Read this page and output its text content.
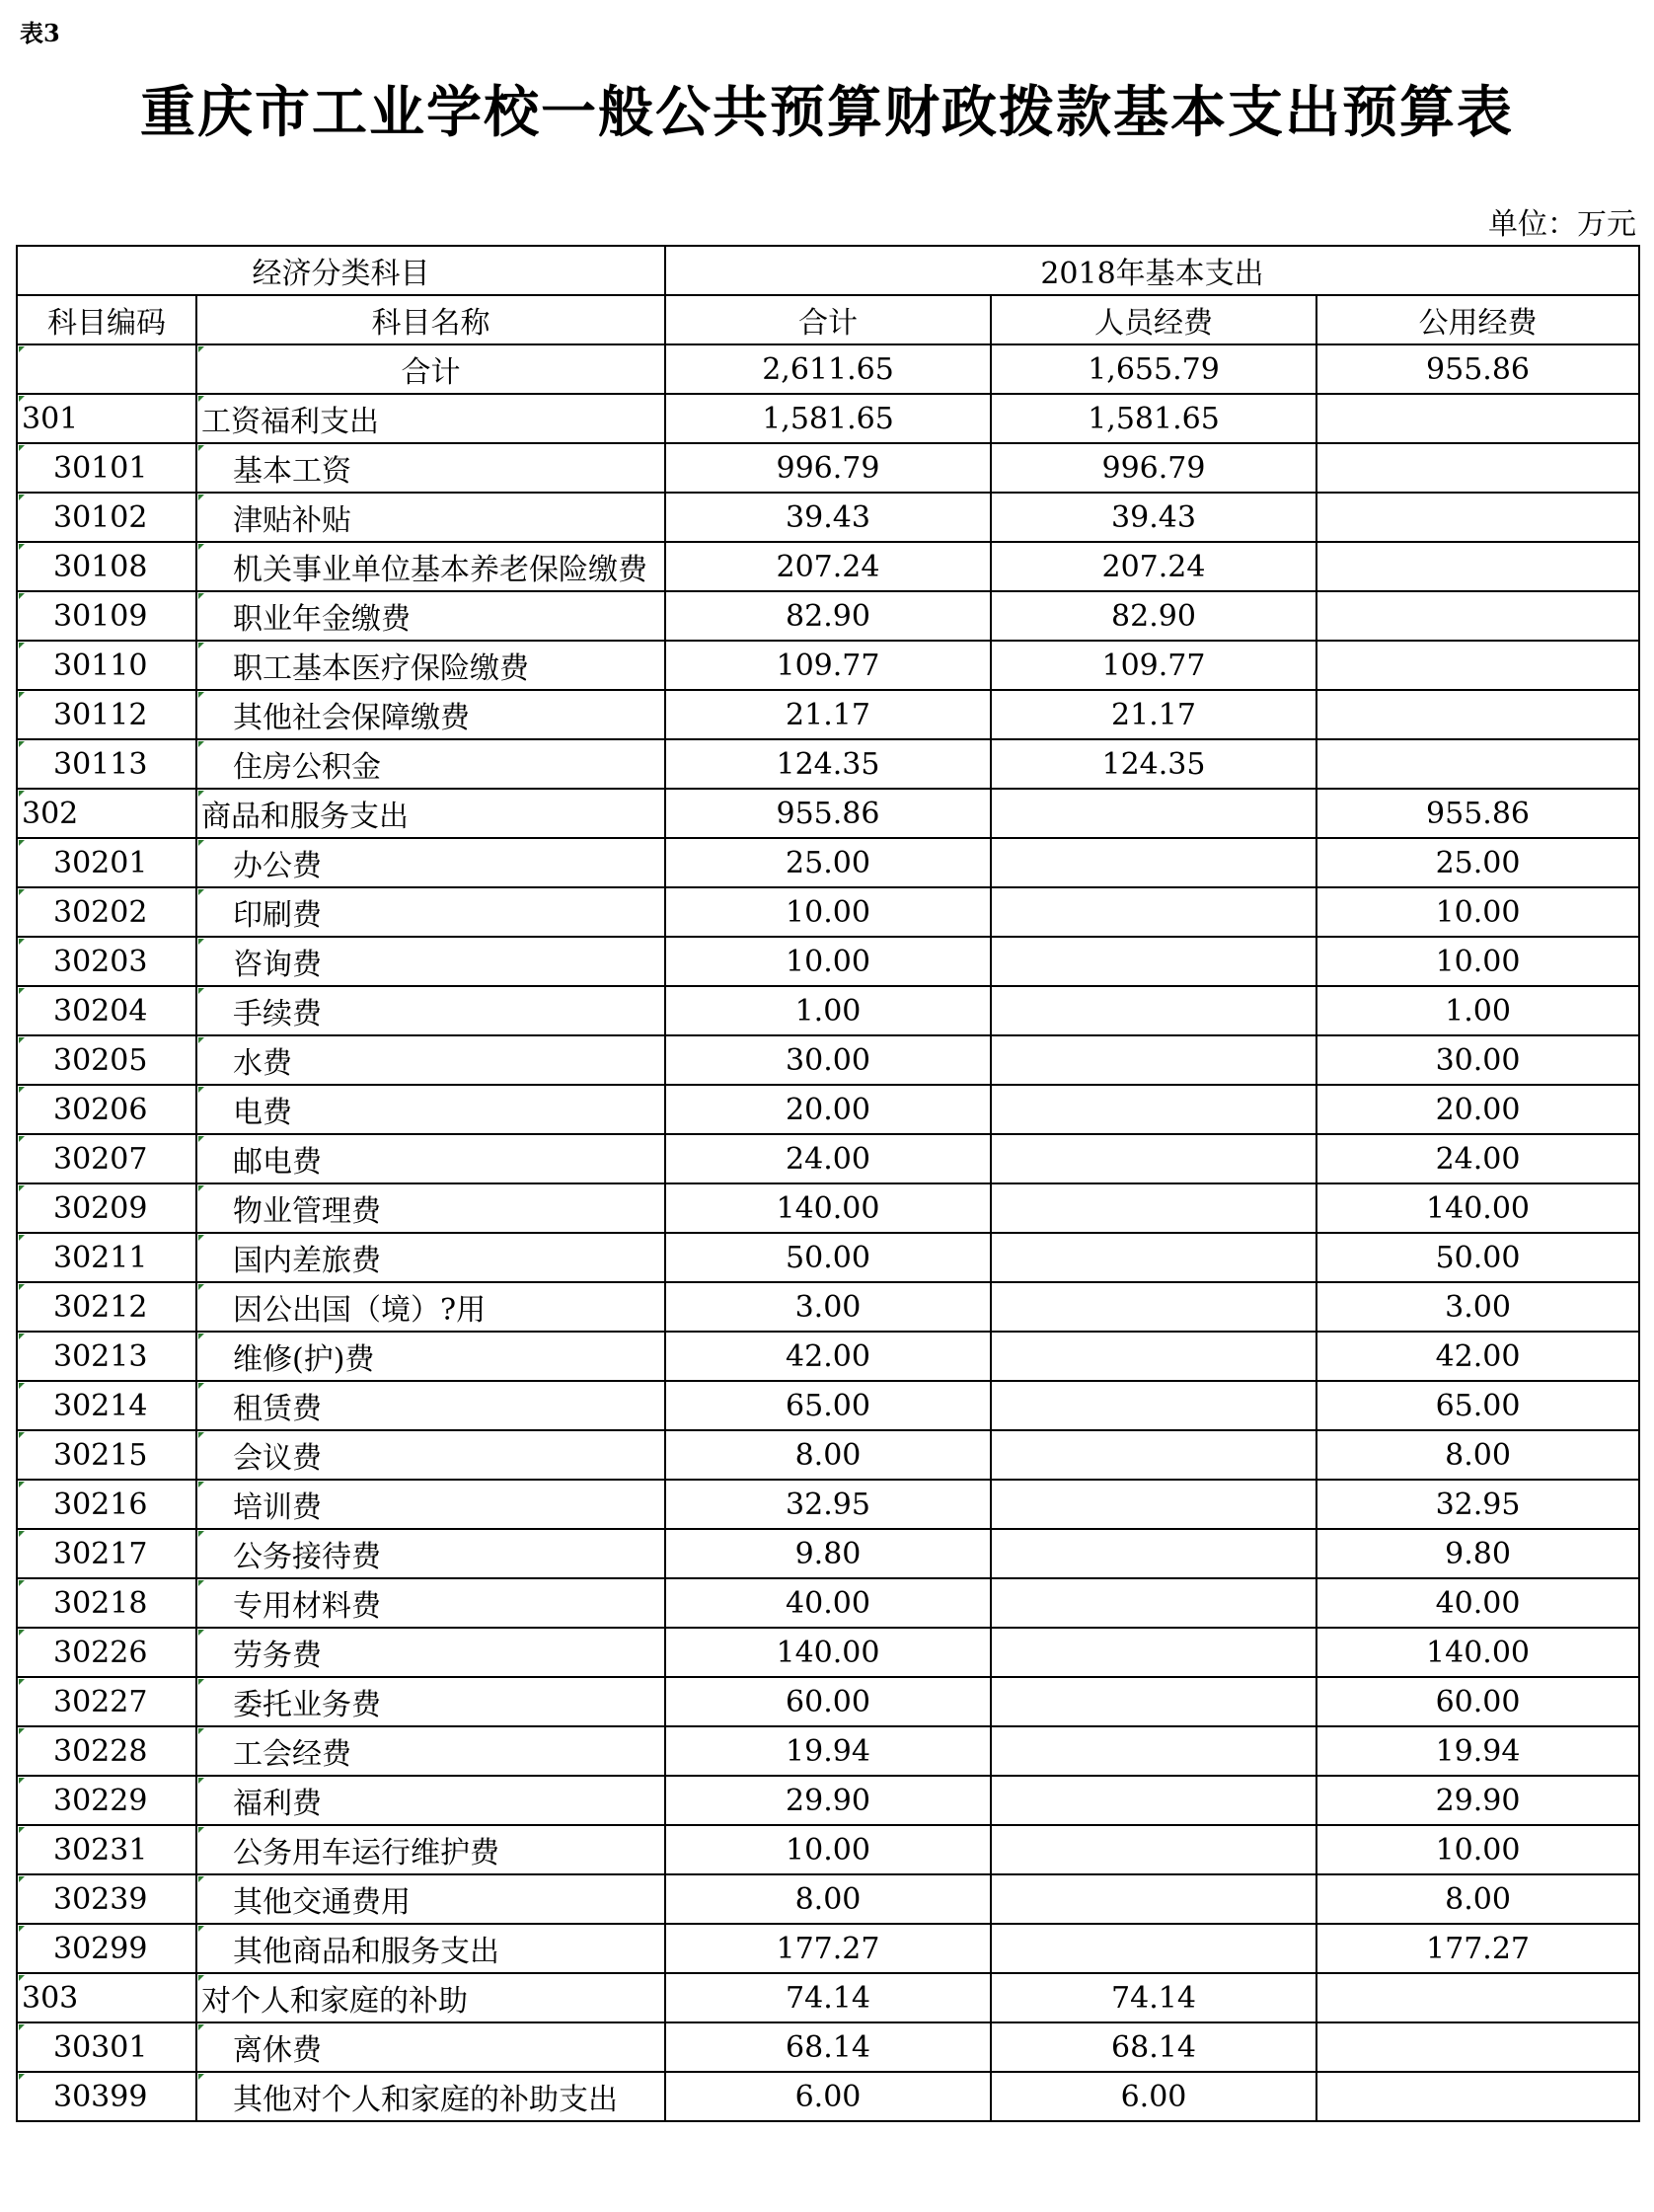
表3
重庆市工业学校一般公共预算财政拨款基本支出预算表
单位：万元
经济分类科目		2018年基本支出		
科目编码	科目名称	合计	人员经费	公用经费
	合计	2,611.65	1,655.79	955.86
301	工资福利支出	1,581.65	1,581.65	
30101	基本工资	996.79	996.79	
30102	津贴补贴	39.43	39.43	
30108	机关事业单位基本养老保险缴费	207.24	207.24	
30109	职业年金缴费	82.90	82.90	
30110	职工基本医疗保险缴费	109.77	109.77	
30112	其他社会保障缴费	21.17	21.17	
30113	住房公积金	124.35	124.35	
302	商品和服务支出	955.86		955.86
30201	办公费	25.00		25.00
30202	印刷费	10.00		10.00
30203	咨询费	10.00		10.00
30204	手续费	1.00		1.00
30205	水费	30.00		30.00
30206	电费	20.00		20.00
30207	邮电费	24.00		24.00
30209	物业管理费	140.00		140.00
30211	国内差旅费	50.00		50.00
30212	因公出国（境）?用	3.00		3.00
30213	维修(护)费	42.00		42.00
30214	租赁费	65.00		65.00
30215	会议费	8.00		8.00
30216	培训费	32.95		32.95
30217	公务接待费	9.80		9.80
30218	专用材料费	40.00		40.00
30226	劳务费	140.00		140.00
30227	委托业务费	60.00		60.00
30228	工会经费	19.94		19.94
30229	福利费	29.90		29.90
30231	公务用车运行维护费	10.00		10.00
30239	其他交通费用	8.00		8.00
30299	其他商品和服务支出	177.27		177.27
303	对个人和家庭的补助	74.14	74.14	
30301	离休费	68.14	68.14	
30399	其他对个人和家庭的补助支出	6.00	6.00	
